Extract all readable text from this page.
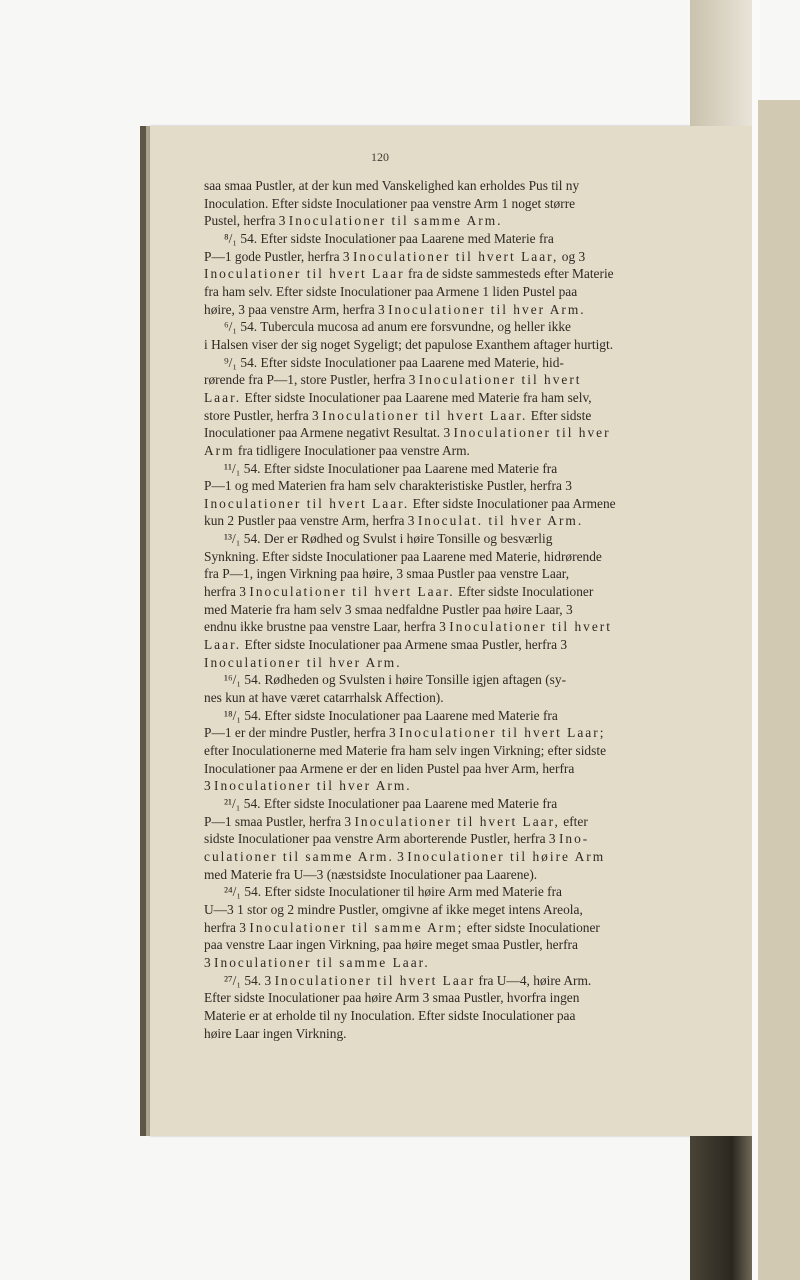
120
saa smaa Pustler, at der kun med Vanskelighed kan erholdes Pus til ny
Inoculation. Efter sidste Inoculationer paa venstre Arm 1 noget større
Pustel, herfra 3 Inoculationer til samme Arm.
⁸/₁ 54. Efter sidste Inoculationer paa Laarene med Materie fra
P—1 gode Pustler, herfra 3 Inoculationer til hvert Laar, og 3
Inoculationer til hvert Laar fra de sidste sammesteds efter Materie
fra ham selv. Efter sidste Inoculationer paa Armene 1 liden Pustel paa
høire, 3 paa venstre Arm, herfra 3 Inoculationer til hver Arm.
⁶/₁ 54. Tubercula mucosa ad anum ere forsvundne, og heller ikke
i Halsen viser der sig noget Sygeligt; det papulose Exanthem aftager hurtigt.
⁹/₁ 54. Efter sidste Inoculationer paa Laarene med Materie, hid-
rørende fra P—1, store Pustler, herfra 3 Inoculationer til hvert
Laar. Efter sidste Inoculationer paa Laarene med Materie fra ham selv,
store Pustler, herfra 3 Inoculationer til hvert Laar. Efter sidste
Inoculationer paa Armene negativt Resultat. 3 Inoculationer til hver
Arm fra tidligere Inoculationer paa venstre Arm.
¹¹/₁ 54. Efter sidste Inoculationer paa Laarene med Materie fra
P—1 og med Materien fra ham selv charakteristiske Pustler, herfra 3
Inoculationer til hvert Laar. Efter sidste Inoculationer paa Armene
kun 2 Pustler paa venstre Arm, herfra 3 Inoculat. til hver Arm.
¹³/₁ 54. Der er Rødhed og Svulst i høire Tonsille og besværlig
Synkning. Efter sidste Inoculationer paa Laarene med Materie, hidrørende
fra P—1, ingen Virkning paa høire, 3 smaa Pustler paa venstre Laar,
herfra 3 Inoculationer til hvert Laar. Efter sidste Inoculationer
med Materie fra ham selv 3 smaa nedfaldne Pustler paa høire Laar, 3
endnu ikke brustne paa venstre Laar, herfra 3 Inoculationer til hvert
Laar. Efter sidste Inoculationer paa Armene smaa Pustler, herfra 3
Inoculationer til hver Arm.
¹⁶/₁ 54. Rødheden og Svulsten i høire Tonsille igjen aftagen (sy-
nes kun at have været catarrhalsk Affection).
¹⁸/₁ 54. Efter sidste Inoculationer paa Laarene med Materie fra
P—1 er der mindre Pustler, herfra 3 Inoculationer til hvert Laar;
efter Inoculationerne med Materie fra ham selv ingen Virkning; efter sidste
Inoculationer paa Armene er der en liden Pustel paa hver Arm, herfra
3 Inoculationer til hver Arm.
²¹/₁ 54. Efter sidste Inoculationer paa Laarene med Materie fra
P—1 smaa Pustler, herfra 3 Inoculationer til hvert Laar, efter
sidste Inoculationer paa venstre Arm aborterende Pustler, herfra 3 Ino-
culationer til samme Arm. 3 Inoculationer til høire Arm
med Materie fra U—3 (næstsidste Inoculationer paa Laarene).
²⁴/₁ 54. Efter sidste Inoculationer til høire Arm med Materie fra
U—3 1 stor og 2 mindre Pustler, omgivne af ikke meget intens Areola,
herfra 3 Inoculationer til samme Arm; efter sidste Inoculationer
paa venstre Laar ingen Virkning, paa høire meget smaa Pustler, herfra
3 Inoculationer til samme Laar.
²⁷/₁ 54. 3 Inoculationer til hvert Laar fra U—4, høire Arm.
Efter sidste Inoculationer paa høire Arm 3 smaa Pustler, hvorfra ingen
Materie er at erholde til ny Inoculation. Efter sidste Inoculationer paa
høire Laar ingen Virkning.
